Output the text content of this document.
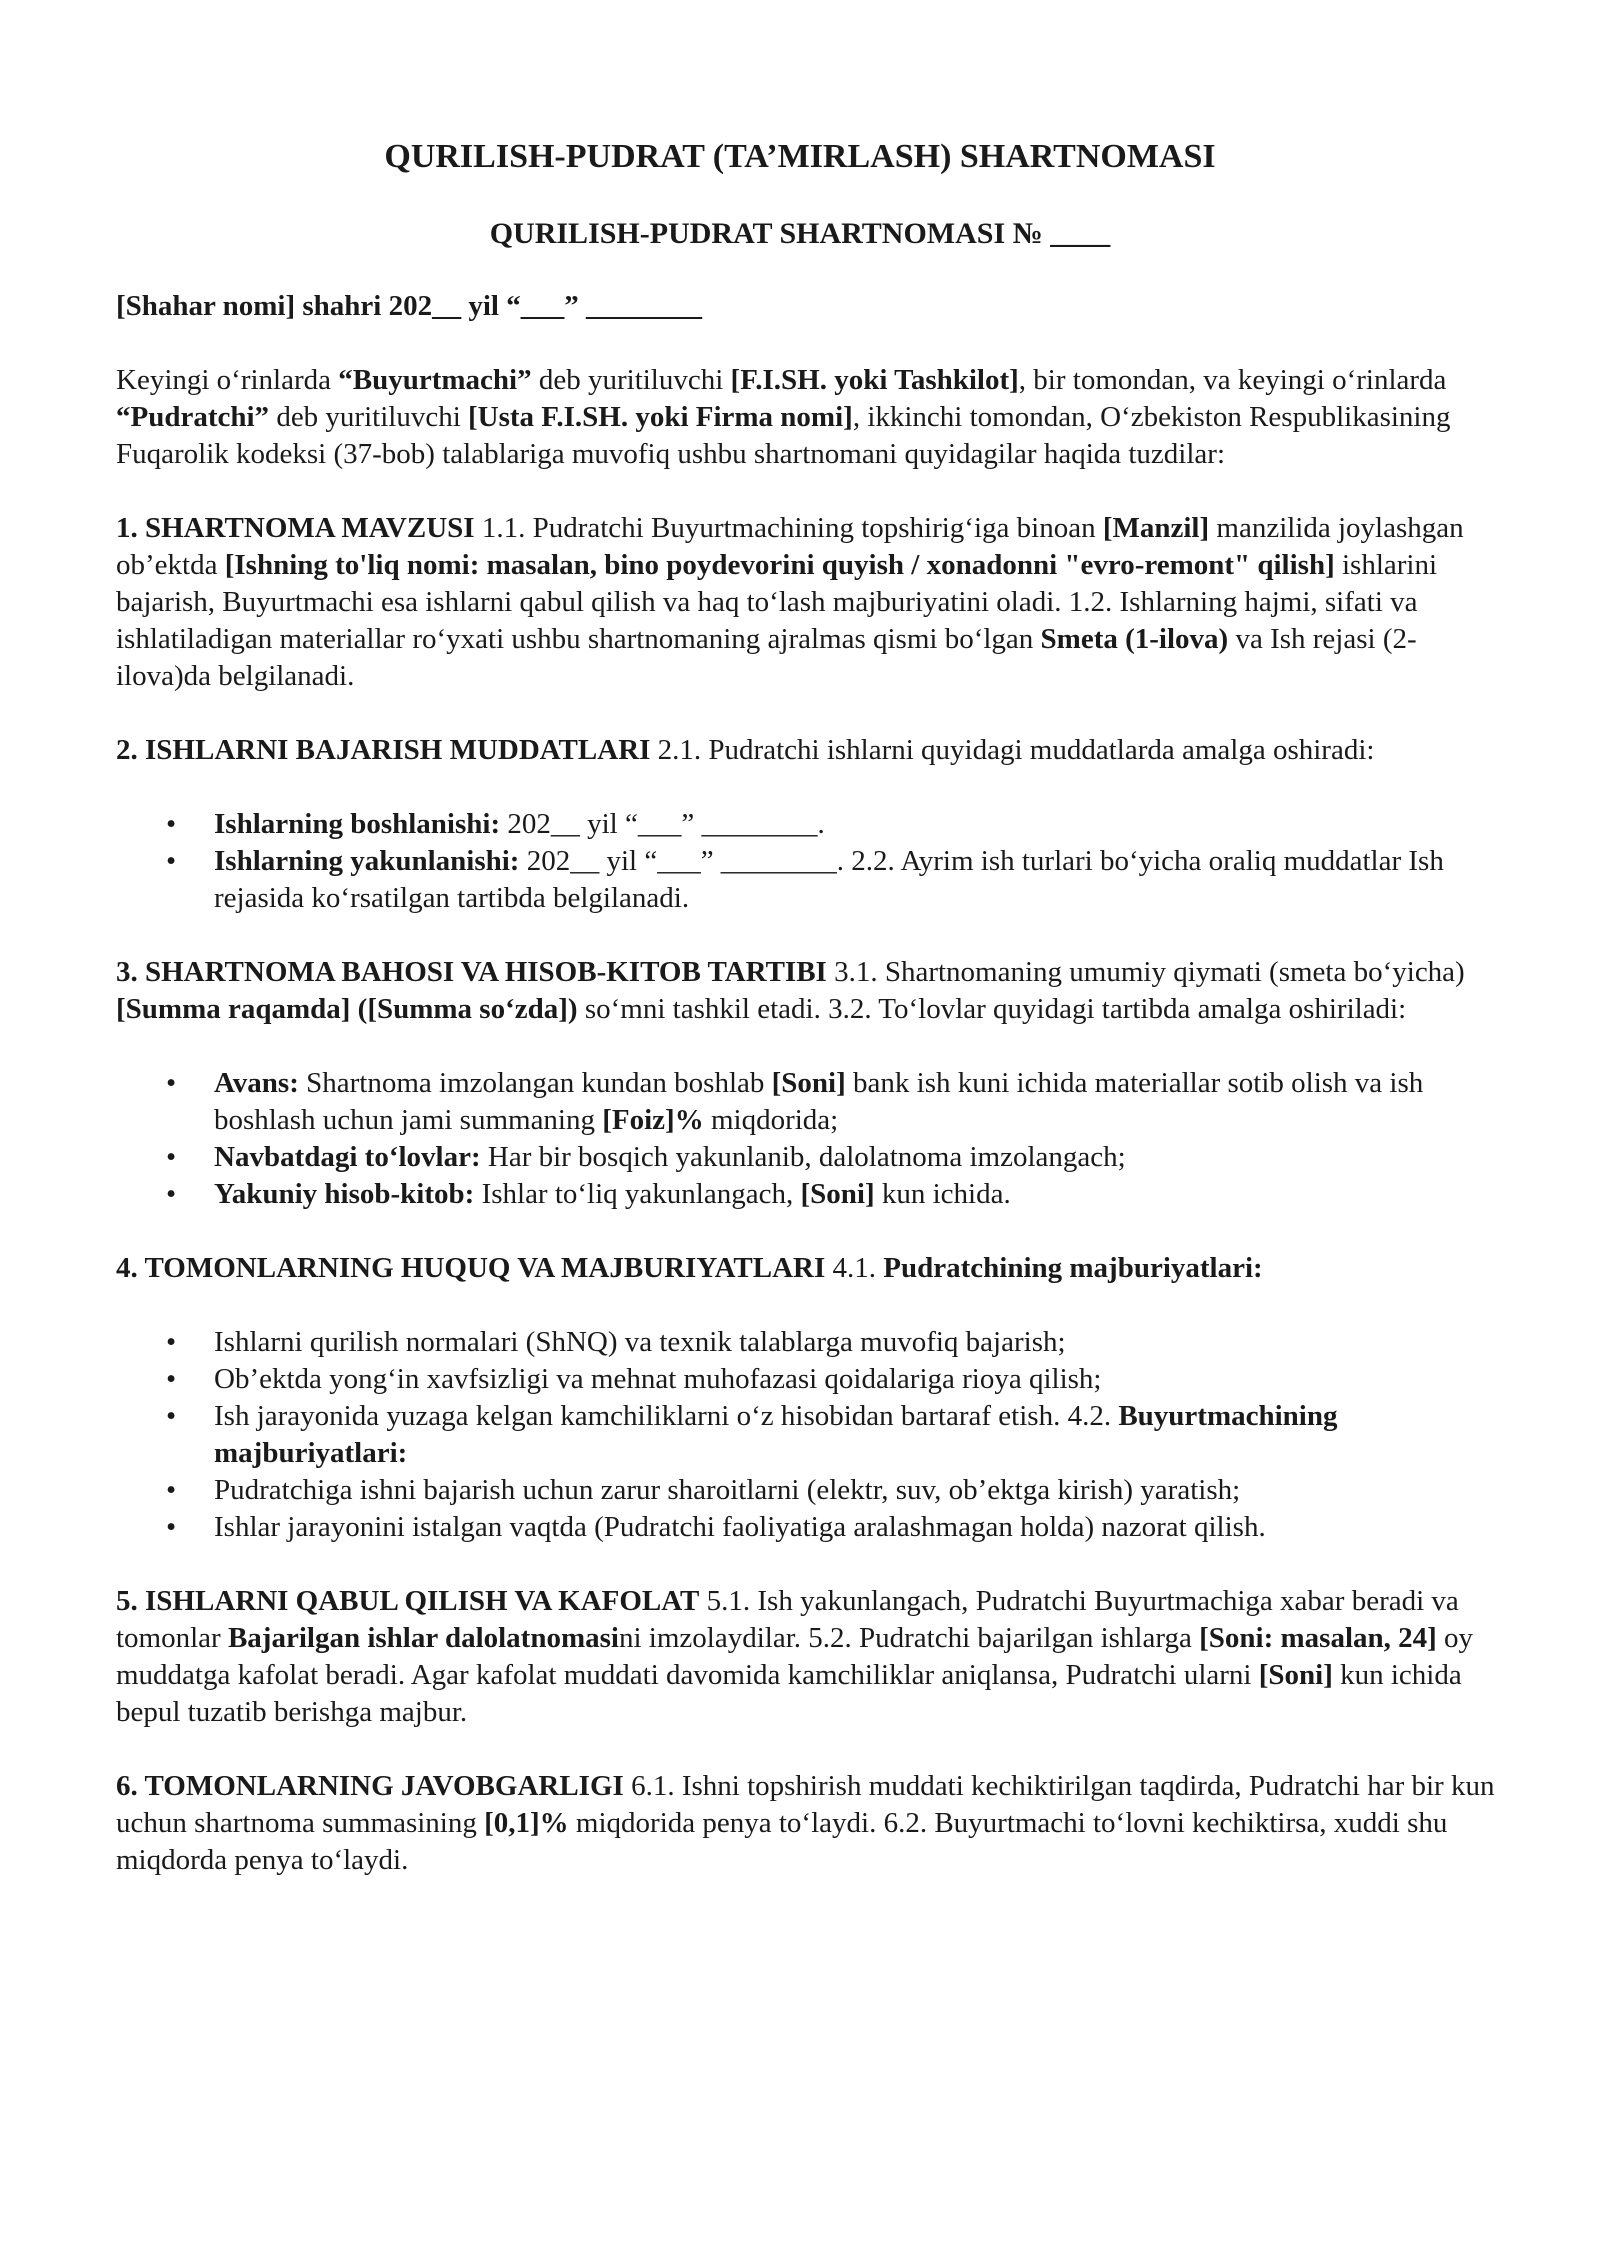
QURILISH-PUDRAT (TA’MIRLASH) SHARTNOMASI
QURILISH-PUDRAT SHARTNOMASI № ____

[Shahar nomi] shahri 202__ yil “___” ________

Keyingi o‘rinlarda “Buyurtmachi” deb yuritiluvchi [F.I.SH. yoki Tashkilot], bir tomondan, va keyingi o‘rinlarda “Pudratchi” deb yuritiluvchi [Usta F.I.SH. yoki Firma nomi], ikkinchi tomondan, O‘zbekiston Respublikasining Fuqarolik kodeksi (37-bob) talablariga muvofiq ushbu shartnomani quyidagilar haqida tuzdilar:

1. SHARTNOMA MAVZUSI 1.1. Pudratchi Buyurtmachining topshirig‘iga binoan [Manzil] manzilida joylashgan ob’ektda [Ishning to'liq nomi: masalan, bino poydevorini quyish / xonadonni "evro-remont" qilish] ishlarini bajarish, Buyurtmachi esa ishlarni qabul qilish va haq to‘lash majburiyatini oladi. 1.2. Ishlarning hajmi, sifati va ishlatiladigan materiallar ro‘yxati ushbu shartnomaning ajralmas qismi bo‘lgan Smeta (1-ilova) va Ish rejasi (2-ilova)da belgilanadi.

2. ISHLARNI BAJARISH MUDDATLARI 2.1. Pudratchi ishlarni quyidagi muddatlarda amalga oshiradi:

• Ishlarning boshlanishi: 202__ yil “___” ________.
• Ishlarning yakunlanishi: 202__ yil “___” ________. 2.2. Ayrim ish turlari bo‘yicha oraliq muddatlar Ish rejasida ko‘rsatilgan tartibda belgilanadi.

3. SHARTNOMA BAHOSI VA HISOB-KITOB TARTIBI 3.1. Shartnomaning umumiy qiymati (smeta bo‘yicha) [Summa raqamda] ([Summa so‘zda]) so‘mni tashkil etadi. 3.2. To‘lovlar quyidagi tartibda amalga oshiriladi:

• Avans: Shartnoma imzolangan kundan boshlab [Soni] bank ish kuni ichida materiallar sotib olish va ish boshlash uchun jami summaning [Foiz]% miqdorida;
• Navbatdagi to‘lovlar: Har bir bosqich yakunlanib, dalolatnoma imzolangach;
• Yakuniy hisob-kitob: Ishlar to‘liq yakunlangach, [Soni] kun ichida.

4. TOMONLARNING HUQUQ VA MAJBURIYATLARI 4.1. Pudratchining majburiyatlari:

• Ishlarni qurilish normalari (ShNQ) va texnik talablarga muvofiq bajarish;
• Ob’ektda yong‘in xavfsizligi va mehnat muhofazasi qoidalariga rioya qilish;
• Ish jarayonida yuzaga kelgan kamchiliklarni o‘z hisobidan bartaraf etish. 4.2. Buyurtmachining majburiyatlari:
• Pudratchiga ishni bajarish uchun zarur sharoitlarni (elektr, suv, ob’ektga kirish) yaratish;
• Ishlar jarayonini istalgan vaqtda (Pudratchi faoliyatiga aralashmagan holda) nazorat qilish.

5. ISHLARNI QABUL QILISH VA KAFOLAT 5.1. Ish yakunlangach, Pudratchi Buyurtmachiga xabar beradi va tomonlar Bajarilgan ishlar dalolatnomasini imzolaydilar. 5.2. Pudratchi bajarilgan ishlarga [Soni: masalan, 24] oy muddatga kafolat beradi. Agar kafolat muddati davomida kamchiliklar aniqlansa, Pudratchi ularni [Soni] kun ichida bepul tuzatib berishga majbur.

6. TOMONLARNING JAVOBGARLIGI 6.1. Ishni topshirish muddati kechiktirilgan taqdirda, Pudratchi har bir kun uchun shartnoma summasining [0,1]% miqdorida penya to‘laydi. 6.2. Buyurtmachi to‘lovni kechiktirsa, xuddi shu miqdorda penya to‘laydi.
